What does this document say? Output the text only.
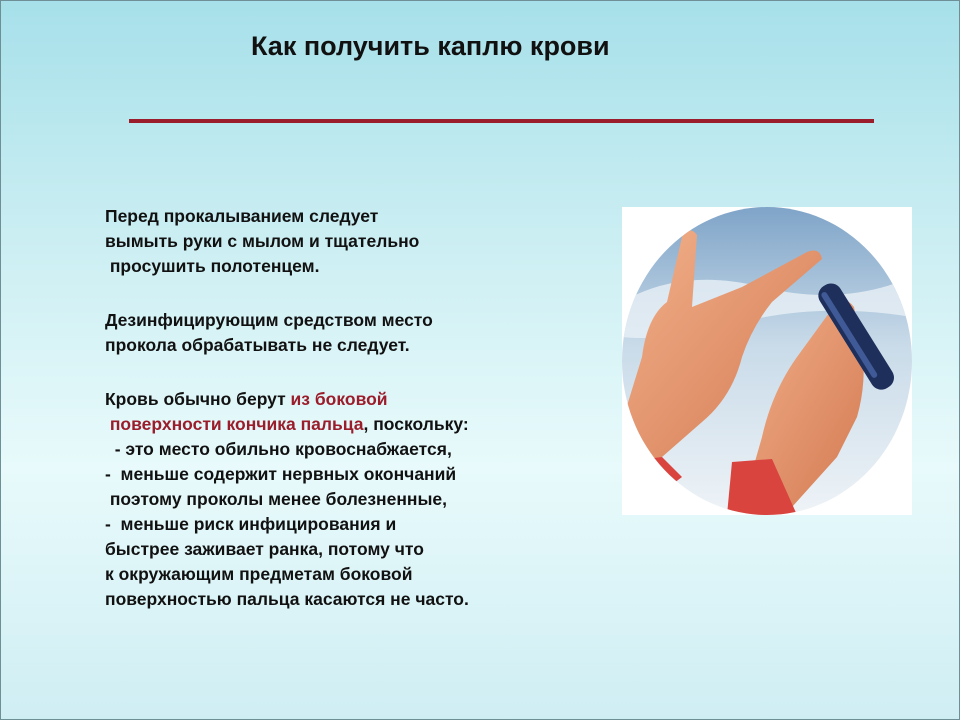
Как получить каплю крови

Перед прокалыванием следует

вымыть руки с мылом и тщательно

просушить полотенцем.

Дезинфицирующим средством место

прокола обрабатывать не следует.

Кровь обычно берут из боковой

поверхности кончика пальца, поскольку:

- это место обильно кровоснабжается,

-  меньше содержит нервных окончаний

поэтому проколы менее болезненные,

-  меньше риск инфицирования и

быстрее заживает ранка, потому что

к окружающим предметам боковой

поверхностью пальца касаются не часто.
